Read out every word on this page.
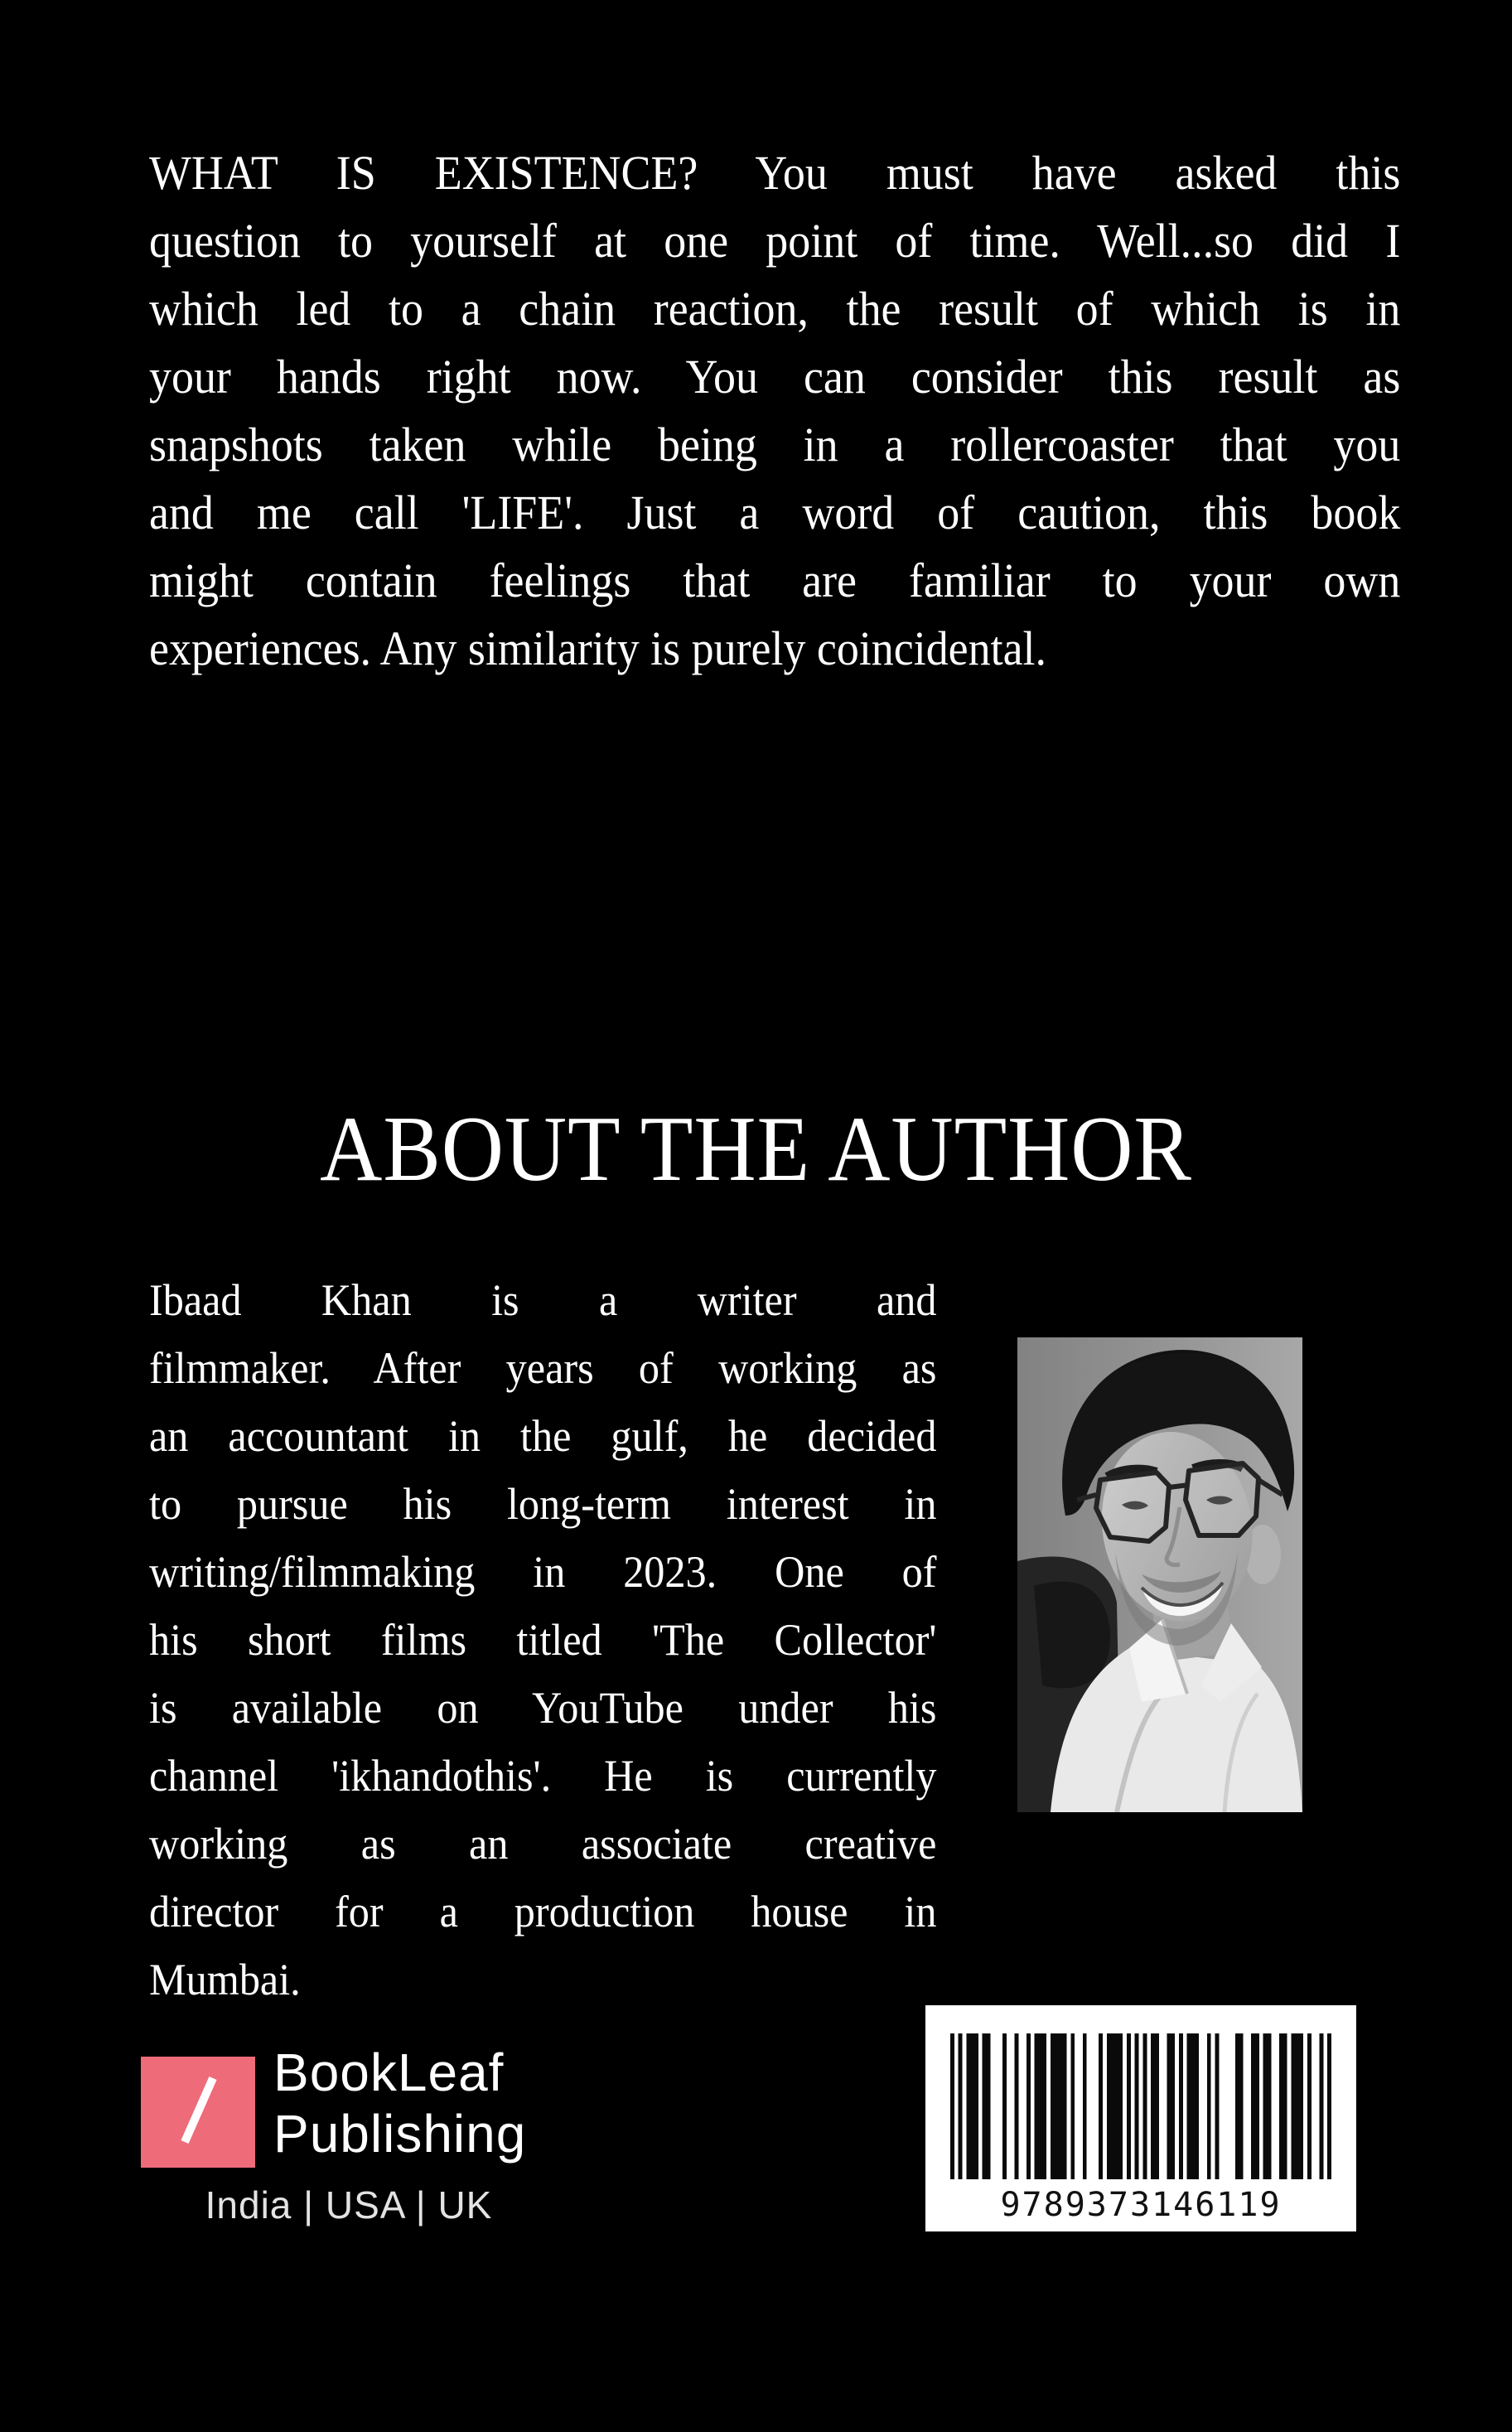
WHAT IS EXISTENCE? You must have asked this
question to yourself at one point of time. Well...so did I
which led to a chain reaction, the result of which is in
your hands right now. You can consider this result as
snapshots taken while being in a rollercoaster that you
and me call 'LIFE'. Just a word of caution, this book
might contain feelings that are familiar to your own
experiences. Any similarity is purely coincidental.
ABOUT THE AUTHOR
Ibaad Khan is a writer and
filmmaker. After years of working as
an accountant in the gulf, he decided
to pursue his long-term interest in
writing/filmmaking in 2023. One of
his short films titled 'The Collector'
is available on YouTube under his
channel 'ikhandothis'. He is currently
working as an associate creative
director for a production house in
Mumbai.
BookLeaf
Publishing
India | USA | UK	9789373146119
